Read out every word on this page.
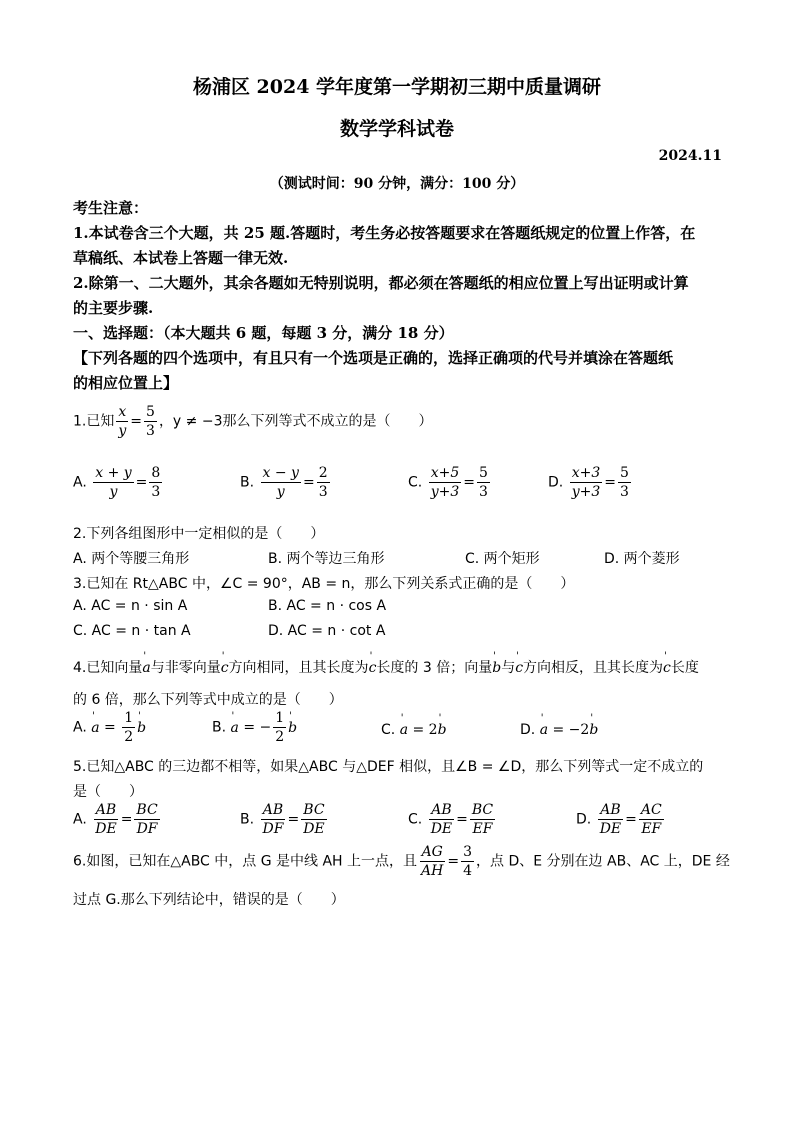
杨浦区 2024 学年度第一学期初三期中质量调研
数学学科试卷
2024.11
（测试时间：90 分钟，满分：100 分）
考生注意：
1.本试卷含三个大题，共 25 题.答题时，考生务必按答题要求在答题纸规定的位置上作答，在
草稿纸、本试卷上答题一律无效.
2.除第一、二大题外，其余各题如无特别说明，都必须在答题纸的相应位置上写出证明或计算
的主要步骤.
一、选择题：（本大题共 6 题，每题 3 分，满分 18 分）
【下列各题的四个选项中，有且只有一个选项是正确的，选择正确项的代号并填涂在答题纸
的相应位置上】
1.已知 $\frac{x}{y} = \frac{5}{3}$ ，y ≠ −3那么下列等式不成立的是（　　）
A. $\frac{x + y}{y} = \frac{8}{3}$	B. $\frac{x - y}{y} = \frac{2}{3}$	C. $\frac{x+5}{y+3} = \frac{5}{3}$	D. $\frac{x+3}{y+3} = \frac{5}{3}$
2.下列各组图形中一定相似的是（　　）
A. 两个等腰三角形	B. 两个等边三角形	C. 两个矩形	D. 两个菱形
3.已知在 Rt△ABC 中，∠C = 90°，AB = n，那么下列关系式正确的是（　　）
A. AC = n · sin A	B. AC = n · cos A
C. AC = n · tan A	D. AC = n · cot A
4.已知向量' a与非零向量' c方向相同，且其长度为' c长度的 3 倍；向量' b与' c方向相反，且其长度为' c长度
的 6 倍，那么下列等式中成立的是（　　）
A. ' $a = \frac{1}{2}$ ' b	B. ' a = − $\frac{1}{2}$ ' b	C. ' a = 2' b	D. ' a = −2' b
5.已知△ABC 的三边都不相等，如果△ABC 与△DEF 相似，且∠B = ∠D，那么下列等式一定不成立的
是（　　）
A. $\frac{AB}{DE} = \frac{BC}{DF}$	B. $\frac{AB}{DF} = \frac{BC}{DE}$	C. $\frac{AB}{DE} = \frac{BC}{EF}$	D. $\frac{AB}{DE} = \frac{AC}{EF}$
6.如图，已知在△ABC 中，点 G 是中线 AH 上一点，且 $\frac{AG}{AH} = \frac{3}{4}$ ，点 D、E 分别在边 AB、AC 上，DE 经
过点 G.那么下列结论中，错误的是（　　）
